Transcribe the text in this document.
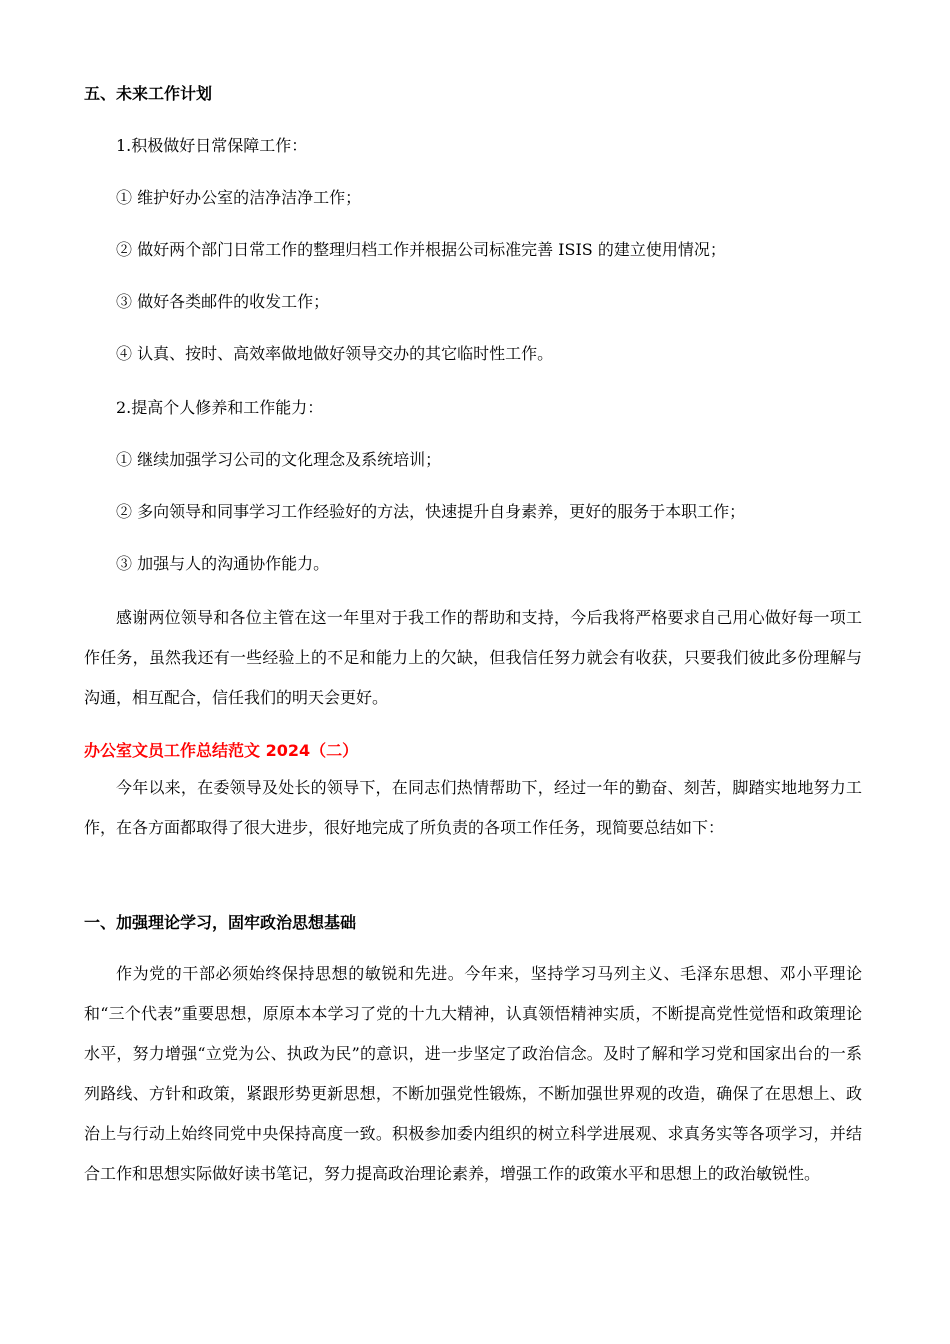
五、未来工作计划
1.积极做好日常保障工作：
① 维护好办公室的洁净洁净工作；
② 做好两个部门日常工作的整理归档工作并根据公司标准完善 ISIS 的建立使用情况；
③ 做好各类邮件的收发工作；
④ 认真、按时、高效率做地做好领导交办的其它临时性工作。
2.提高个人修养和工作能力：
① 继续加强学习公司的文化理念及系统培训；
② 多向领导和同事学习工作经验好的方法，快速提升自身素养，更好的服务于本职工作；
③ 加强与人的沟通协作能力。

感谢两位领导和各位主管在这一年里对于我工作的帮助和支持，今后我将严格要求自己用心做好每一项工作任务，虽然我还有一些经验上的不足和能力上的欠缺，但我信任努力就会有收获，只要我们彼此多份理解与沟通，相互配合，信任我们的明天会更好。

办公室文员工作总结范文 2024（二）

今年以来，在委领导及处长的领导下，在同志们热情帮助下，经过一年的勤奋、刻苦，脚踏实地地努力工作，在各方面都取得了很大进步，很好地完成了所负责的各项工作任务，现简要总结如下：

一、加强理论学习，固牢政治思想基础

作为党的干部必须始终保持思想的敏锐和先进。今年来，坚持学习马列主义、毛泽东思想、邓小平理论和“三个代表”重要思想，原原本本学习了党的十九大精神，认真领悟精神实质，不断提高党性觉悟和政策理论水平，努力增强“立党为公、执政为民”的意识，进一步坚定了政治信念。及时了解和学习党和国家出台的一系列路线、方针和政策，紧跟形势更新思想，不断加强党性锻炼，不断加强世界观的改造，确保了在思想上、政治上与行动上始终同党中央保持高度一致。积极参加委内组织的树立科学进展观、求真务实等各项学习，并结合工作和思想实际做好读书笔记，努力提高政治理论素养，增强工作的政策水平和思想上的政治敏锐性。
